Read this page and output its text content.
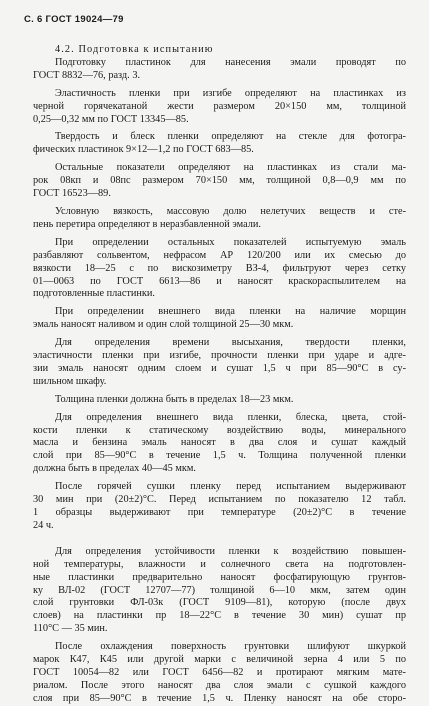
С. 6 ГОСТ 19024—79
4.2. Подготовка к испытанию
Подготовку пластинок для нанесения эмали проводят по
ГОСТ 8832—76, разд. 3.
Эластичность пленки при изгибе определяют на пластинках из
черной горячекатаной жести размером 20×150 мм, толщиной
0,25—0,32 мм по ГОСТ 13345—85.
Твердость и блеск пленки определяют на стекле для фотогра-
фических пластинок 9×12—1,2 по ГОСТ 683—85.
Остальные показатели определяют на пластинках из стали ма-
рок 08кп и 08пс размером 70×150 мм, толщиной 0,8—0,9 мм по
ГОСТ 16523—89.
Условную вязкость, массовую долю нелетучих веществ и сте-
пень перетира определяют в неразбавленной эмали.
При определении остальных показателей испытуемую эмаль
разбавляют сольвентом, нефрасом АР 120/200 или их смесью до
вязкости 18—25 с по вискозиметру ВЗ-4, фильтруют через сетку
01—0063 по ГОСТ 6613—86 и наносят краскораспылителем на
подготовленные пластинки.
При определении внешнего вида пленки на наличие морщин
эмаль наносят наливом и один слой толщиной 25—30 мкм.
Для определения времени высыхания, твердости пленки,
эластичности пленки при изгибе, прочности пленки при ударе и адге-
зии эмаль наносят одним слоем и сушат 1,5 ч при 85—90°С в су-
шильном шкафу.
Толщина пленки должна быть в пределах 18—23 мкм.
Для определения внешнего вида пленки, блеска, цвета, стой-
кости пленки к статическому воздействию воды, минерального
масла и бензина эмаль наносят в два слоя и сушат каждый
слой при 85—90°С в течение 1,5 ч. Толщина полученной пленки
должна быть в пределах 40—45 мкм.
После горячей сушки пленку перед испытанием выдерживают
30 мин при (20±2)°С. Перед испытанием по показателю 12 табл.
1 образцы выдерживают при температуре (20±2)°С в течение
24 ч.
Для определения устойчивости пленки к воздействию повышен-
ной температуры, влажности и солнечного света на подготовлен-
ные пластинки предварительно наносят фосфатирующую грунтов-
ку ВЛ-02 (ГОСТ 12707—77) толщиной 6—10 мкм, затем один
слой грунтовки ФЛ-03к (ГОСТ 9109—81), которую (после двух
слоев) на пластинки пр 18—22°С в течение 30 мин) сушат пр
110°С — 35 мин.
После охлаждения поверхность грунтовки шлифуют шкуркой
марок К47, К45 или другой марки с величиной зерна 4 или 5 по
ГОСТ 10054—82 или ГОСТ 6456—82 и протирают мягким мате-
риалом. После этого наносят два слоя эмали с сушкой каждого
слоя при 85—90°С в течение 1,5 ч. Пленку наносят на обе сторо-
